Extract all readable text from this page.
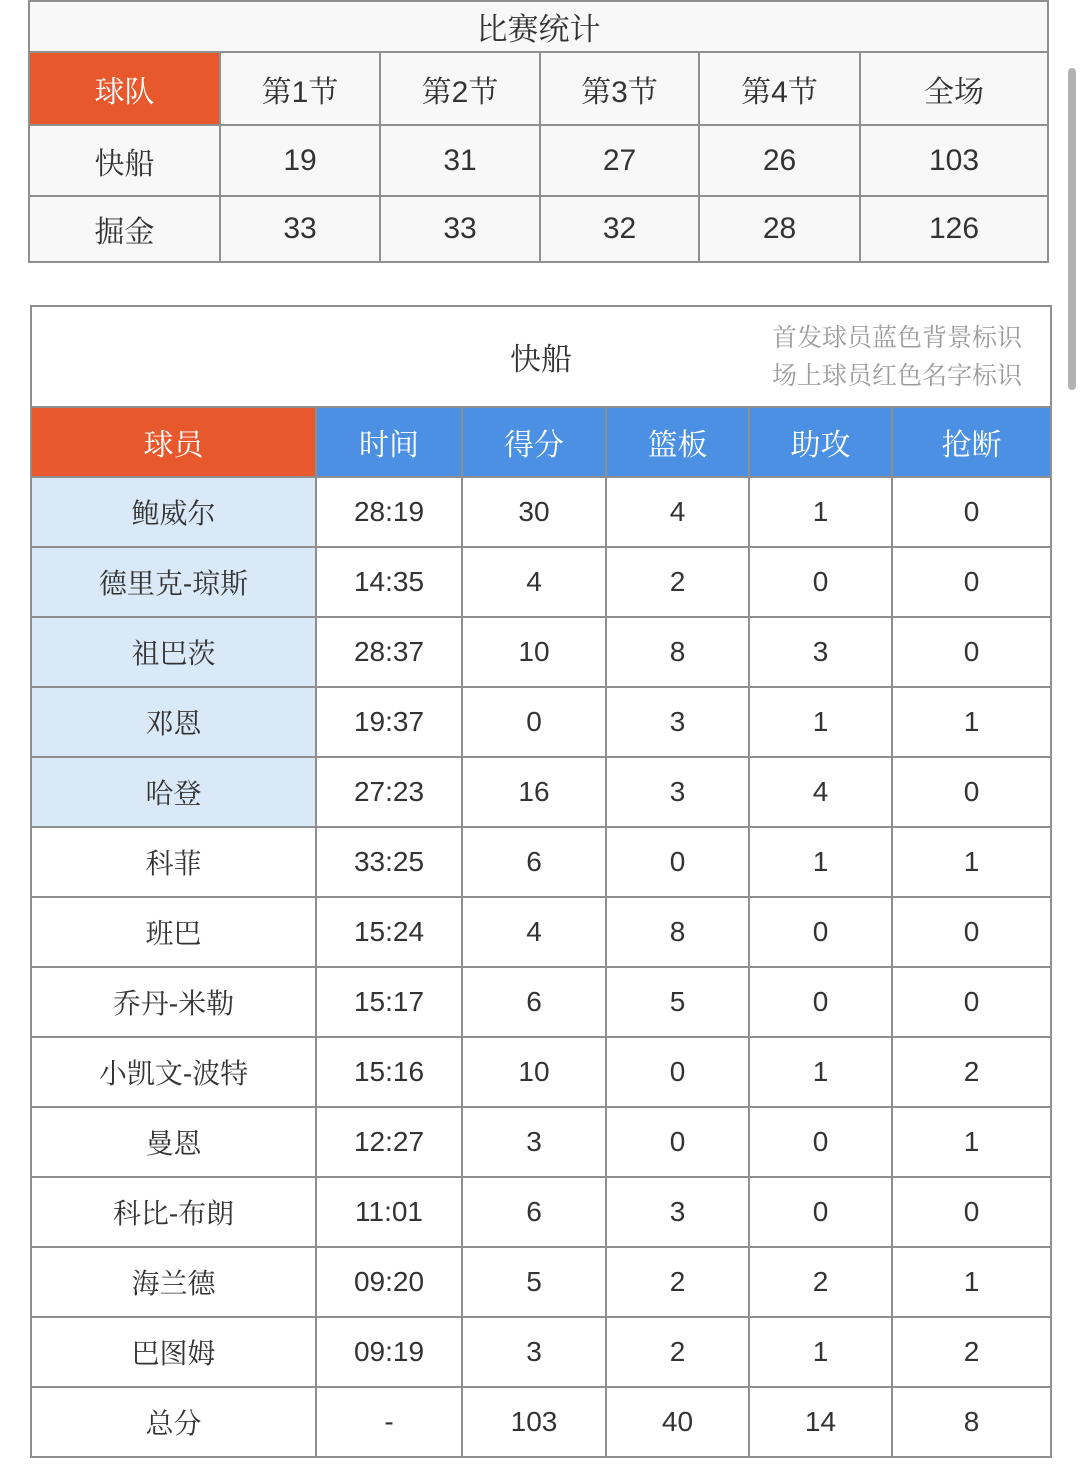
比赛统计					
球队	第1节	第2节	第3节	第4节	全场
快船	19	31	27	26	103
掘金	33	33	32	28	126
快船
首发球员蓝色背景标识
场上球员红色名字标识					

球员	时间	得分	篮板	助攻	抢断
鲍威尔	28:19	30	4	1	0
德里克-琼斯	14:35	4	2	0	0
祖巴茨	28:37	10	8	3	0
邓恩	19:37	0	3	1	1
哈登	27:23	16	3	4	0
科菲	33:25	6	0	1	1
班巴	15:24	4	8	0	0
乔丹-米勒	15:17	6	5	0	0
小凯文-波特	15:16	10	0	1	2
曼恩	12:27	3	0	0	1
科比-布朗	11:01	6	3	0	0
海兰德	09:20	5	2	2	1
巴图姆	09:19	3	2	1	2
总分	-	103	40	14	8
